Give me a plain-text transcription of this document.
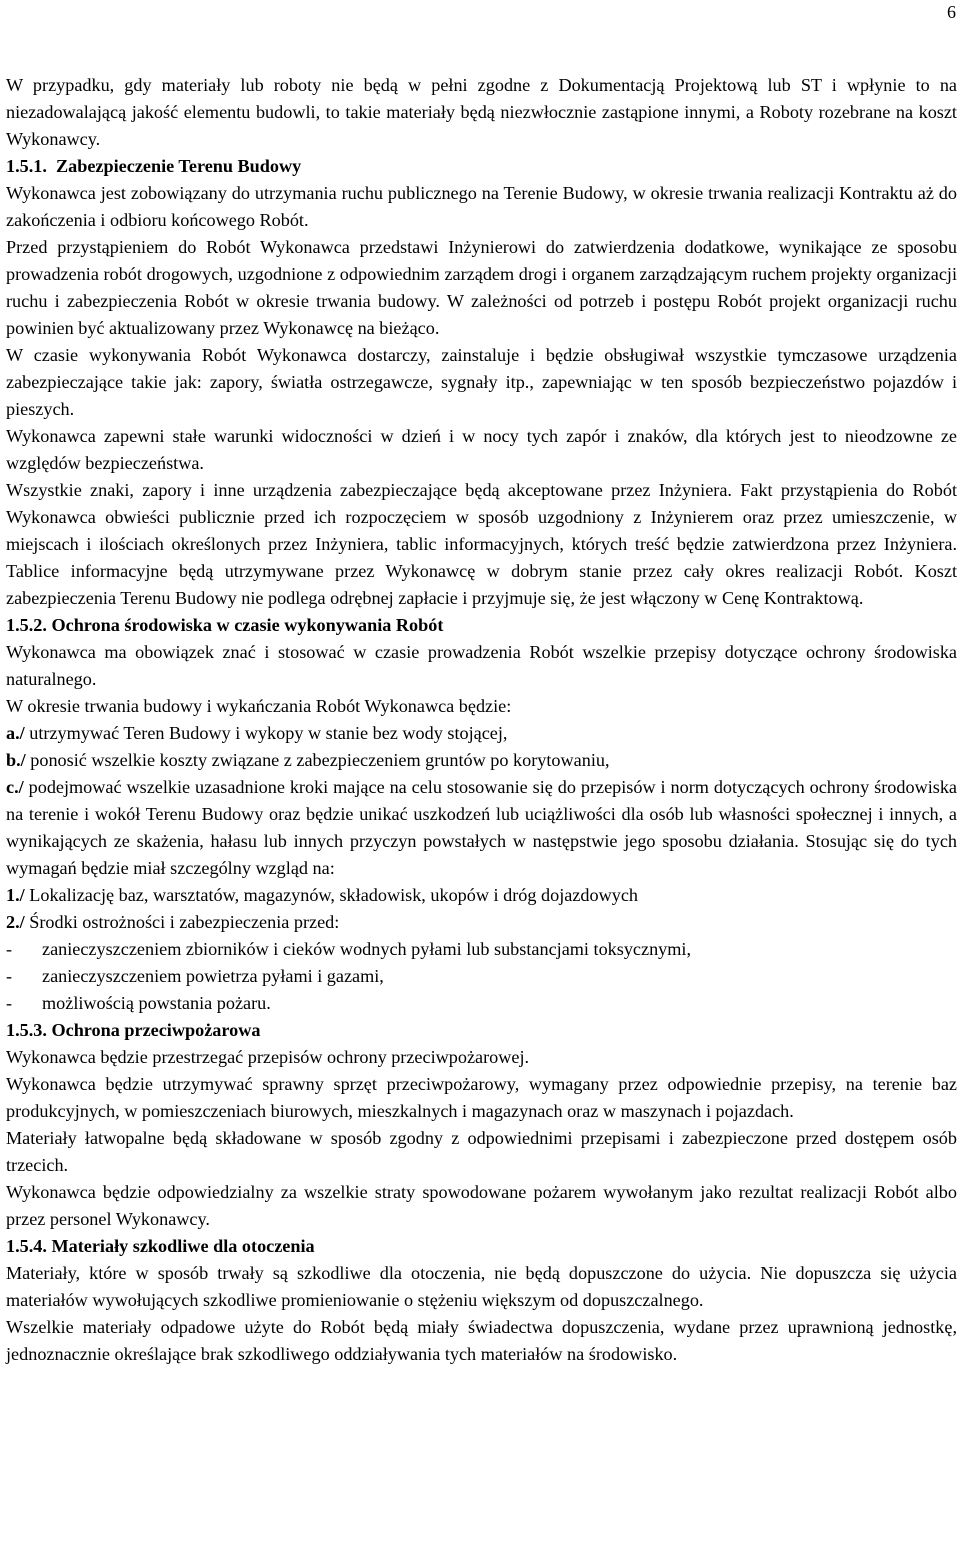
6

W przypadku, gdy materiały lub roboty nie będą w pełni zgodne z Dokumentacją Projektową lub ST i wpłynie to na niezadowalającą jakość elementu budowli, to takie materiały będą niezwłocznie zastąpione innymi, a Roboty rozebrane na koszt Wykonawcy.

1.5.1. Zabezpieczenie Terenu Budowy

Wykonawca jest zobowiązany do utrzymania ruchu publicznego na Terenie Budowy, w okresie trwania realizacji Kontraktu aż do zakończenia i odbioru końcowego Robót.

Przed przystąpieniem do Robót Wykonawca przedstawi Inżynierowi do zatwierdzenia dodatkowe, wynikające ze sposobu prowadzenia robót drogowych, uzgodnione z odpowiednim zarządem drogi i organem zarządzającym ruchem projekty organizacji ruchu i zabezpieczenia Robót w okresie trwania budowy. W zależności od potrzeb i postępu Robót projekt organizacji ruchu powinien być aktualizowany przez Wykonawcę na bieżąco.

W czasie wykonywania Robót Wykonawca dostarczy, zainstaluje i będzie obsługiwał wszystkie tymczasowe urządzenia zabezpieczające takie jak: zapory, światła ostrzegawcze, sygnały itp., zapewniając w ten sposób bezpieczeństwo pojazdów i pieszych.

Wykonawca zapewni stałe warunki widoczności w dzień i w nocy tych zapór i znaków, dla których jest to nieodzowne ze względów bezpieczeństwa.

Wszystkie znaki, zapory i inne urządzenia zabezpieczające będą akceptowane przez Inżyniera. Fakt przystąpienia do Robót Wykonawca obwieści publicznie przed ich rozpoczęciem w sposób uzgodniony z Inżynierem oraz przez umieszczenie, w miejscach i ilościach określonych przez Inżyniera, tablic informacyjnych, których treść będzie zatwierdzona przez Inżyniera. Tablice informacyjne będą utrzymywane przez Wykonawcę w dobrym stanie przez cały okres realizacji Robót. Koszt zabezpieczenia Terenu Budowy nie podlega odrębnej zapłacie i przyjmuje się, że jest włączony w Cenę Kontraktową.

1.5.2. Ochrona środowiska w czasie wykonywania Robót

Wykonawca ma obowiązek znać i stosować w czasie prowadzenia Robót wszelkie przepisy dotyczące ochrony środowiska naturalnego.

W okresie trwania budowy i wykańczania Robót Wykonawca będzie:

a./ utrzymywać Teren Budowy i wykopy w stanie bez wody stojącej,

b./ ponosić wszelkie koszty związane z zabezpieczeniem gruntów po korytowaniu,

c./ podejmować wszelkie uzasadnione kroki mające na celu stosowanie się do przepisów i norm dotyczących ochrony środowiska na terenie i wokół Terenu Budowy oraz będzie unikać uszkodzeń lub uciążliwości dla osób lub własności społecznej i innych, a wynikających ze skażenia, hałasu lub innych przyczyn powstałych w następstwie jego sposobu działania. Stosując się do tych wymagań będzie miał szczególny wzgląd na:

1./ Lokalizację baz, warsztatów, magazynów, składowisk, ukopów i dróg dojazdowych

2./ Środki ostrożności i zabezpieczenia przed:

-	zanieczyszczeniem zbiorników i cieków wodnych pyłami lub substancjami toksycznymi,
-	zanieczyszczeniem powietrza pyłami i gazami,
-	możliwością powstania pożaru.
1.5.3. Ochrona przeciwpożarowa

Wykonawca będzie przestrzegać przepisów ochrony przeciwpożarowej.

Wykonawca będzie utrzymywać sprawny sprzęt przeciwpożarowy, wymagany przez odpowiednie przepisy, na terenie baz produkcyjnych, w pomieszczeniach biurowych, mieszkalnych i magazynach oraz w maszynach i pojazdach.

Materiały łatwopalne będą składowane w sposób zgodny z odpowiednimi przepisami i zabezpieczone przed dostępem osób trzecich.

Wykonawca będzie odpowiedzialny za wszelkie straty spowodowane pożarem wywołanym jako rezultat realizacji Robót albo przez personel Wykonawcy.

1.5.4. Materiały szkodliwe dla otoczenia

Materiały, które w sposób trwały są szkodliwe dla otoczenia, nie będą dopuszczone do użycia. Nie dopuszcza się użycia materiałów wywołujących szkodliwe promieniowanie o stężeniu większym od dopuszczalnego.

Wszelkie materiały odpadowe użyte do Robót będą miały świadectwa dopuszczenia, wydane przez uprawnioną jednostkę, jednoznacznie określające brak szkodliwego oddziaływania tych materiałów na środowisko.
